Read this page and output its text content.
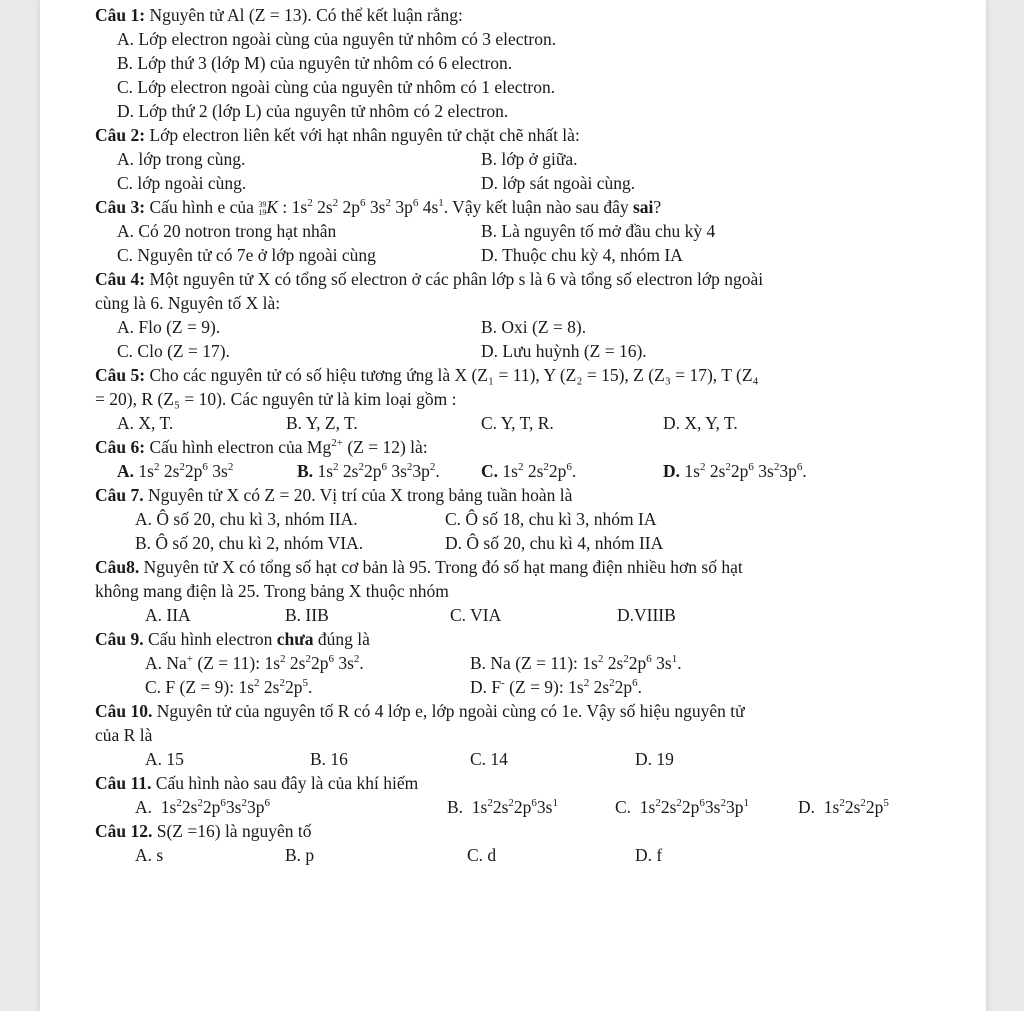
Câu 1: Nguyên tử Al (Z = 13). Có thể kết luận rằng:
A. Lớp electron ngoài cùng của nguyên tử nhôm có 3 electron.
B. Lớp thứ 3 (lớp M) của nguyên tử nhôm có 6 electron.
C. Lớp electron ngoài cùng của nguyên tử nhôm có 1 electron.
D. Lớp thứ 2 (lớp L) của nguyên tử nhôm có 2 electron.
Câu 2: Lớp electron liên kết với hạt nhân nguyên tử chặt chẽ nhất là:
A. lớp trong cùng.	B. lớp ở giữa.
C. lớp ngoài cùng.	D. lớp sát ngoài cùng.
Câu 3: Cấu hình e của 39
19K : $1s^2$ $2s^2$ $2p^6$ $3s^2$ $3p^6$ $4s^1$. Vậy kết luận nào sau đây sai?
A. Có 20 notron trong hạt nhân	B. Là nguyên tố mở đầu chu kỳ 4
C. Nguyên tử có 7e ở lớp ngoài cùng	D. Thuộc chu kỳ 4, nhóm IA
Câu 4: Một nguyên tử X có tổng số electron ở các phân lớp s là 6 và tổng số electron lớp ngoài
cùng là 6. Nguyên tố X là:
A. Flo (Z = 9).	B. Oxi (Z = 8).
C. Clo (Z = 17).	D. Lưu huỳnh (Z = 16).
Câu 5: Cho các nguyên tử có số hiệu tương ứng là X (Z₁ = 11), Y (Z₂ = 15), Z (Z₃ = 17), T (Z₄
= 20), R (Z₅ = 10). Các nguyên tử là kim loại gồm :
A. X, T.	B. Y, Z, T.	C. Y, T, R.	D. X, Y, T.
Câu 6: Cấu hình electron của $Mg^{2+}$ (Z = 12) là:
A. $1s^2$ $2s^22p^6$ $3s^2$	B. $1s^2$ $2s^22p^6$ $3s^23p^2$. C. $1s^2$ $2s^22p^6$.	D. $1s^2$ $2s^22p^6$ $3s^23p^6$.
Câu 7. Nguyên tử X có Z = 20. Vị trí của X trong bảng tuần hoàn là
A. Ô số 20, chu kì 3, nhóm IIA.	C. Ô số 18, chu kì 3, nhóm IA
B. Ô số 20, chu kì 2, nhóm VIA.	D. Ô số 20, chu kì 4, nhóm IIA
Câu8. Nguyên tử X có tổng số hạt cơ bản là 95. Trong đó số hạt mang điện nhiều hơn số hạt
không mang điện là 25. Trong bảng X thuộc nhóm
A. IIA	B. IIB	C. VIA	D.VIIIB
Câu 9. Cấu hình electron chưa đúng là
A. Na+ (Z = 11): $1s^2$ $2s^22p^6$ $3s^2$.	B. Na (Z = 11): $1s^2$ $2s^22p^6$ $3s^1$.
C. F (Z = 9): $1s^2$ $2s^22p^5$.	D. F- (Z = 9): $1s^2$ $2s^22p^6$.
Câu 10. Nguyên tử của nguyên tố R có 4 lớp e, lớp ngoài cùng có 1e. Vậy số hiệu nguyên tử
của R là
A. 15	B. 16	C. 14	D. 19
Câu 11. Cấu hình nào sau đây là của khí hiếm
A.  $1s^22s^22p^63s^23p^6$	B.  $1s^22s^22p^63s^1$	C.  $1s^22s^22p^63s^23p^1$	D.  $1s^22s^22p^5$
Câu 12. S(Z =16) là nguyên tố
A. s	B. p	C. d	D. f
